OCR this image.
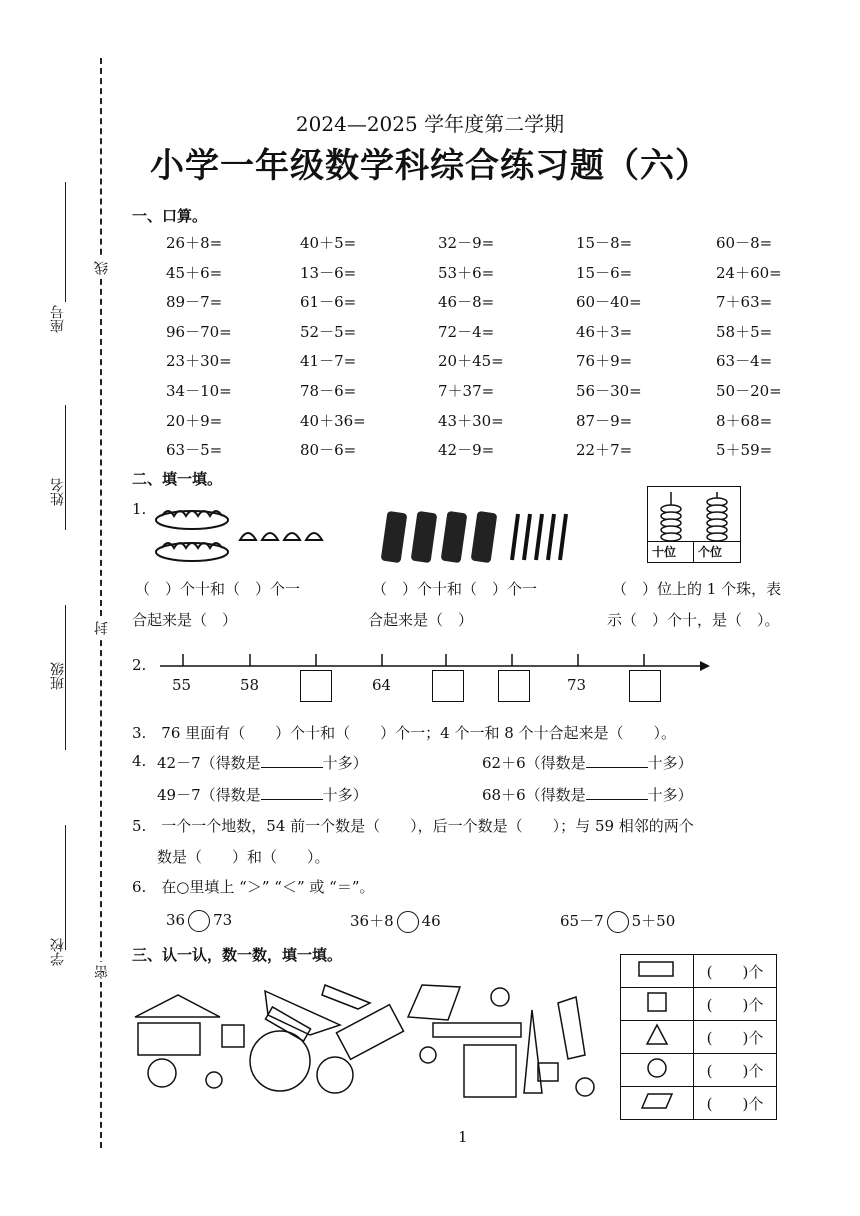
座号
姓名
班级
学校
线
封
密
2024—2025 学年度第二学期
小学一年级数学科综合练习题（六）
一、口算。
26＋8=	40＋5=	32－9=	15－8=	60－8=
45＋6=	13－6=	53＋6=	15－6=	24＋60=
89－7=	61－6=	46－8=	60－40=	7＋63=
96－70=	52－5=	72－4=	46＋3=	58＋5=
23＋30=	41－7=	20＋45=	76＋9=	63－4=
34－10=	78－6=	7＋37=	56－30=	50－20=
20＋9=	40＋36=	43＋30=	87－9=	8＋68=
63－5=	80－6=	42－9=	22＋7=	5＋59=
二、填一填。
1.
十位 个位
（　）个十和（　）个一
合起来是（　）
（　）个十和（　）个一
合起来是（　）
（　）位上的 1 个珠，表
示（　）个十，是（　）。
2.
55	58	64	73
3.　76 里面有（　　）个十和（　　）个一；4 个一和 8 个十合起来是（　　）。
4. 42－7（得数是	十多）
49－7（得数是	十多）
62＋6（得数是	十多）
68＋6（得数是	十多）
5.　一个一个地数，54 前一个数是（　　），后一个数是（　　）；与 59 相邻的两个
数是（　　）和（　　）。
6.　在○里填上 “＞” “＜” 或 “＝”。
36 73	36＋8 46	65－7 5＋50
三、认一认，数一数，填一填。
	(　　)个
	(　　)个
	(　　)个
	(　　)个
	(　　)个
1
